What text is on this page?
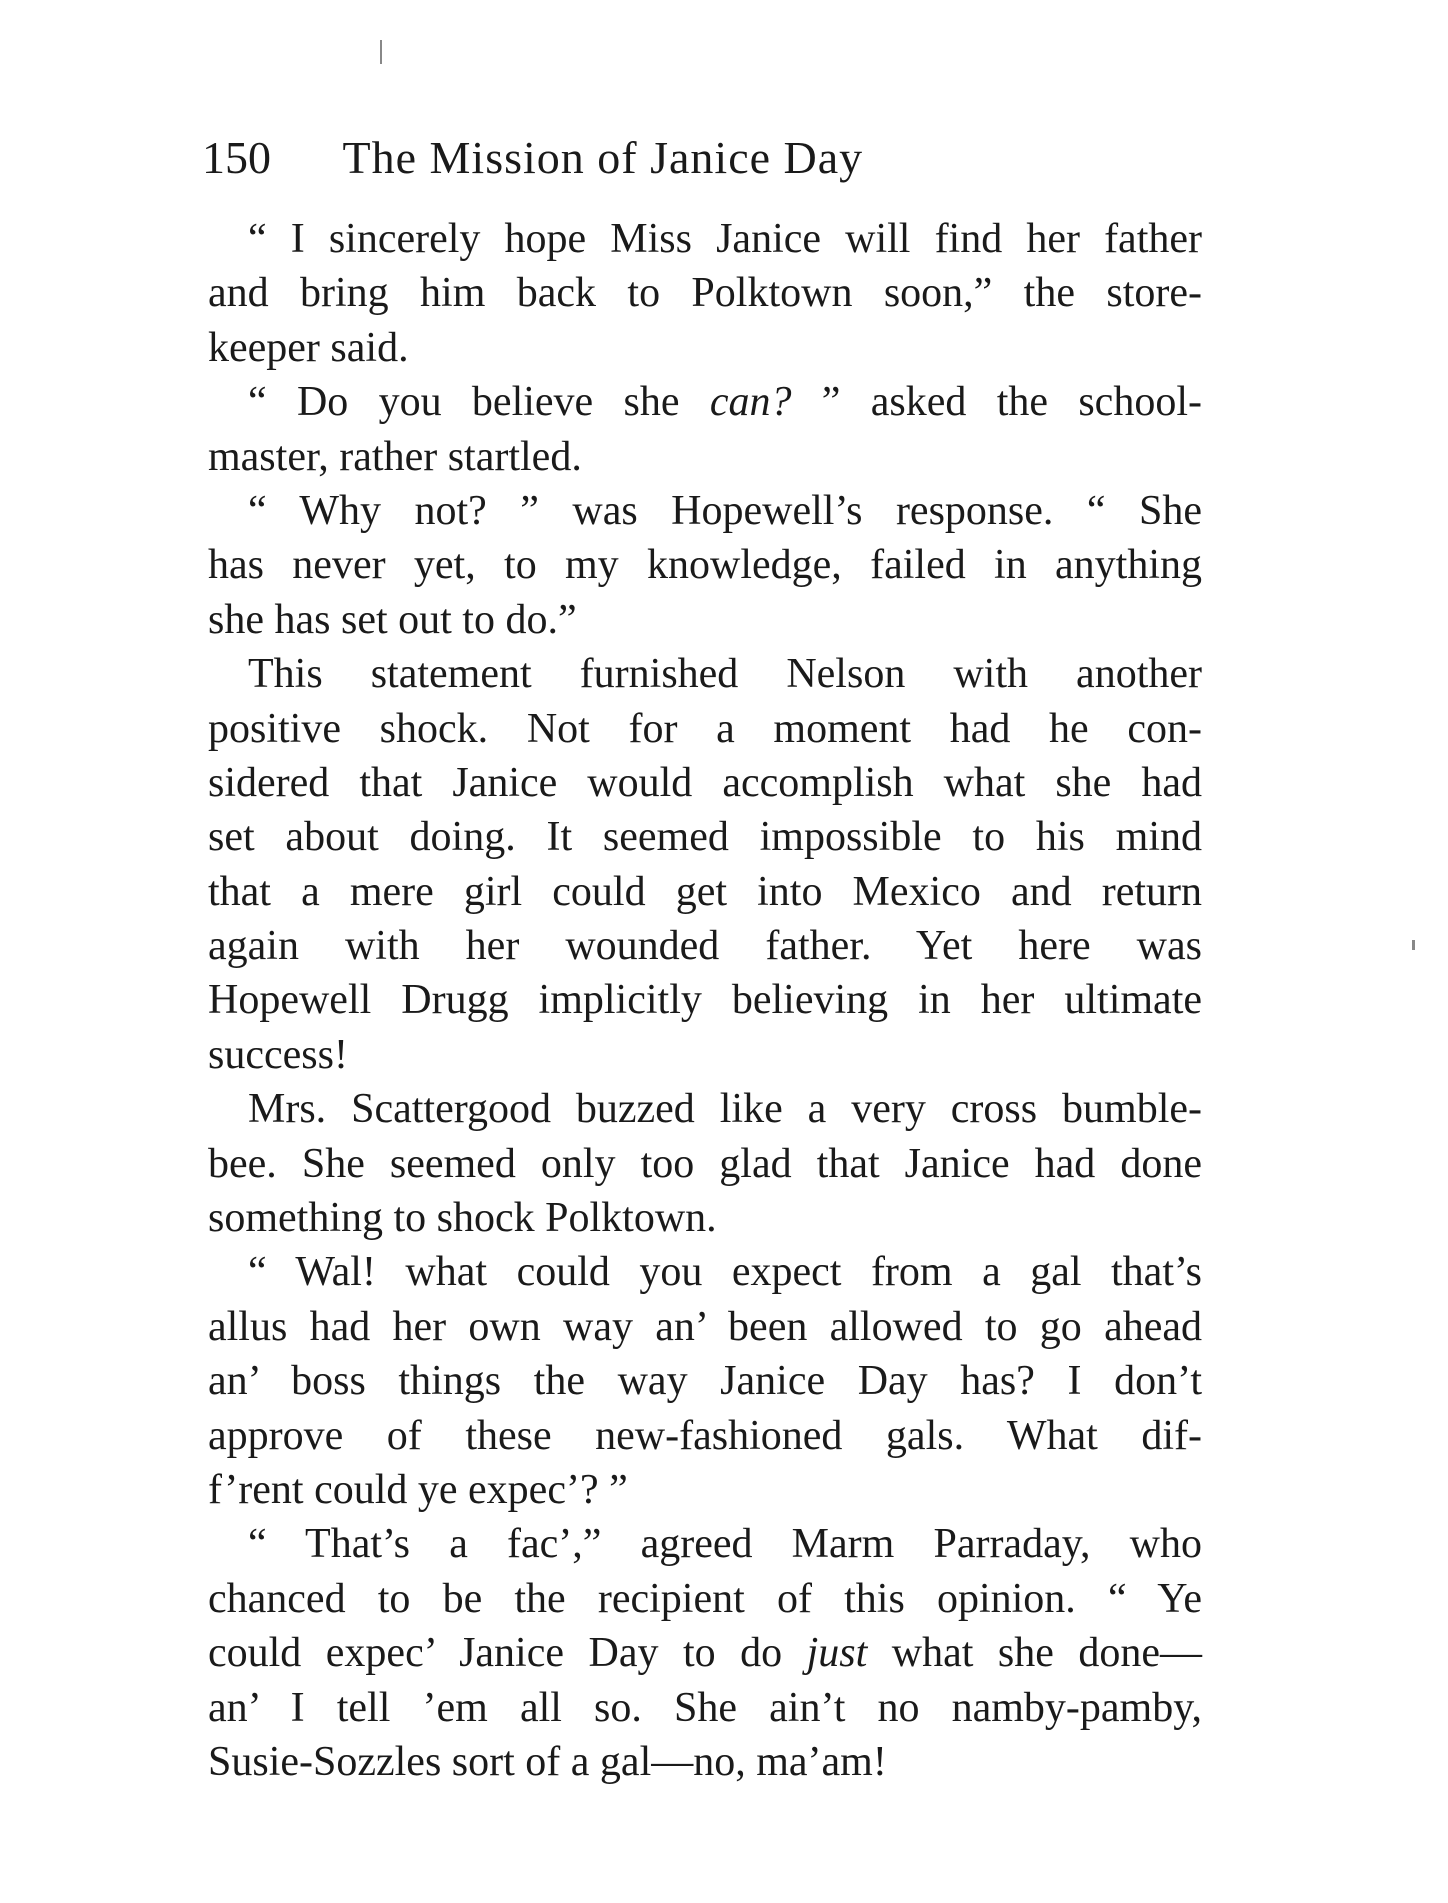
150 The Mission of Janice Day
“ I sincerely hope Miss Janice will find her father
and bring him back to Polktown soon,” the store-
keeper said.
“ Do you believe she can? ” asked the school-
master, rather startled.
“ Why not? ” was Hopewell’s response. “ She
has never yet, to my knowledge, failed in anything
she has set out to do.”
This statement furnished Nelson with another
positive shock. Not for a moment had he con-
sidered that Janice would accomplish what she had
set about doing. It seemed impossible to his mind
that a mere girl could get into Mexico and return
again with her wounded father. Yet here was
Hopewell Drugg implicitly believing in her ultimate
success!
Mrs. Scattergood buzzed like a very cross bumble-
bee. She seemed only too glad that Janice had done
something to shock Polktown.
“ Wal! what could you expect from a gal that’s
allus had her own way an’ been allowed to go ahead
an’ boss things the way Janice Day has? I don’t
approve of these new-fashioned gals. What dif-
f’rent could ye expec’? ”
“ That’s a fac’,” agreed Marm Parraday, who
chanced to be the recipient of this opinion. “ Ye
could expec’ Janice Day to do just what she done—
an’ I tell ’em all so. She ain’t no namby-pamby,
Susie-Sozzles sort of a gal—no, ma’am!
